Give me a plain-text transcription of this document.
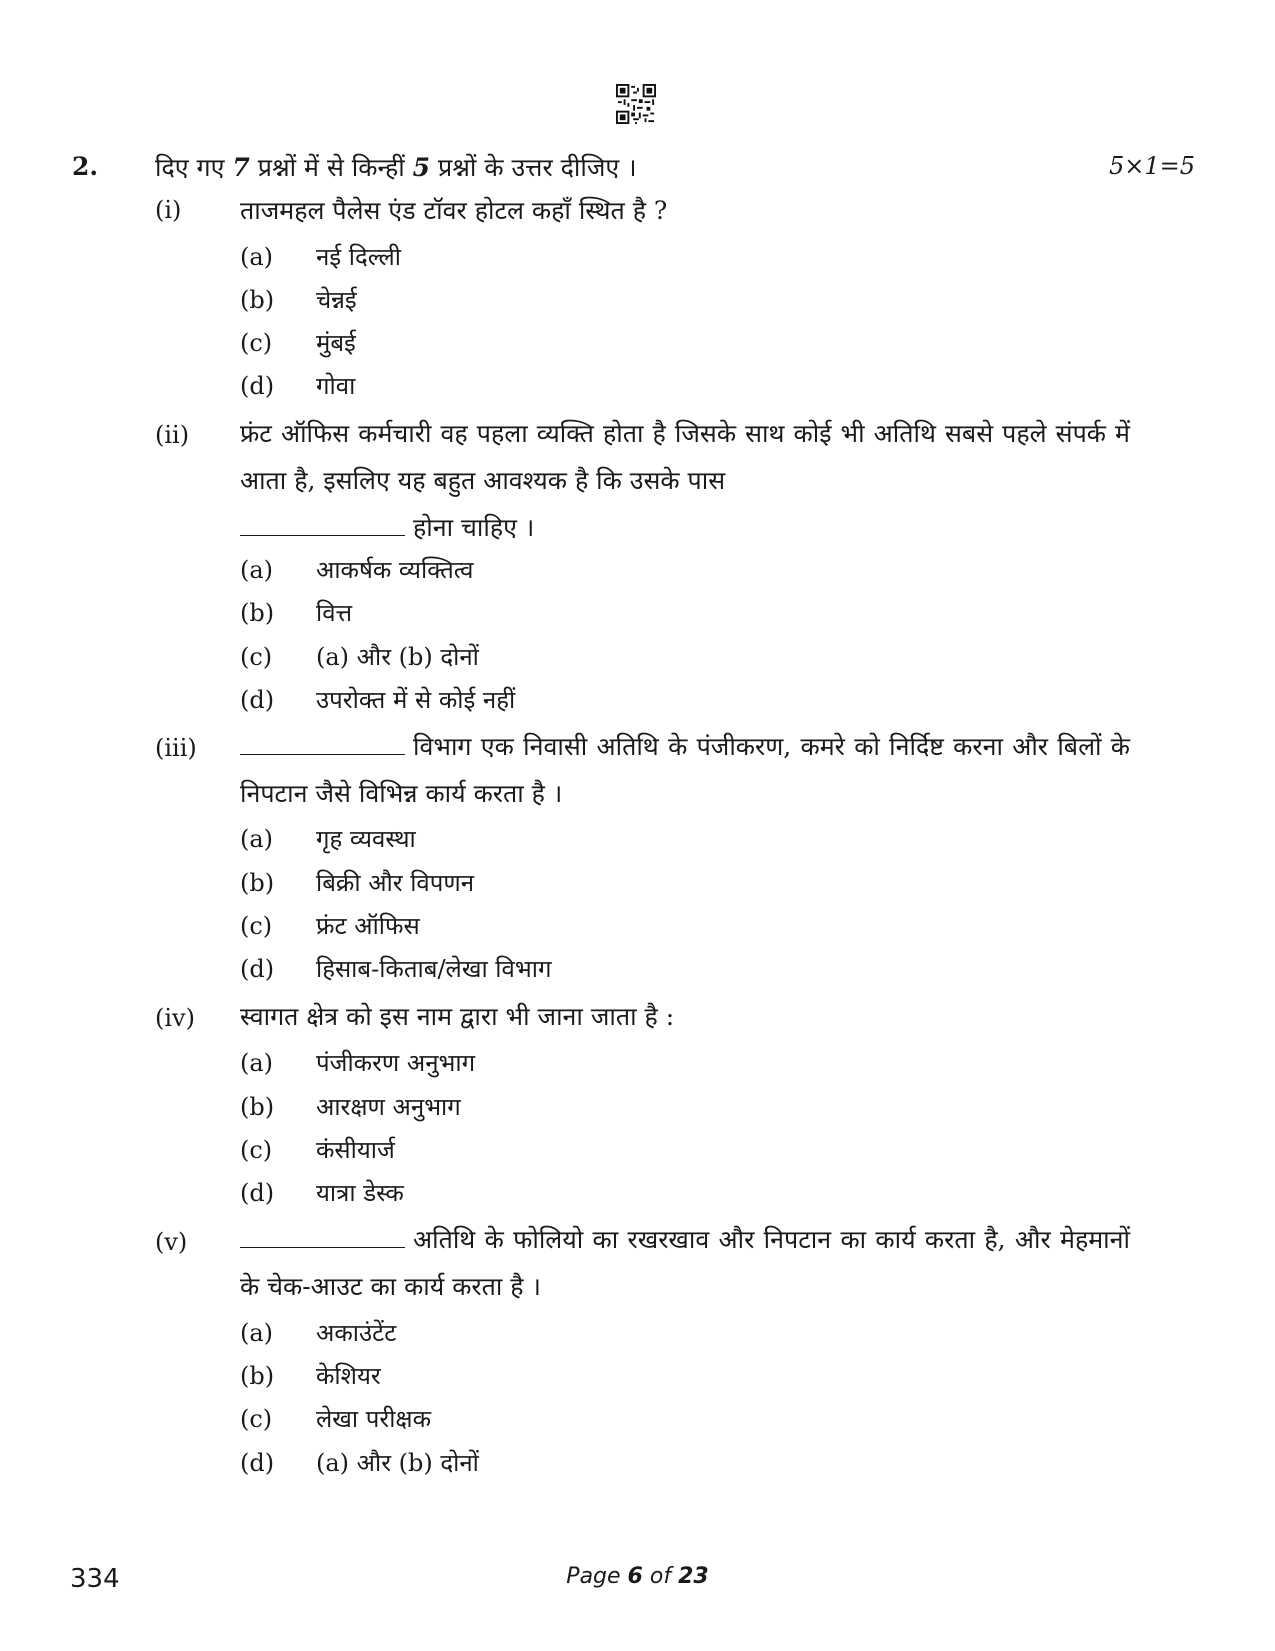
2. दिए गए 7 प्रश्नों में से किन्हीं 5 प्रश्नों के उत्तर दीजिए ।	5×1=5
(i) ताजमहल पैलेस एंड टॉवर होटल कहाँ स्थित है ?
(a) नई दिल्ली
(b) चेन्नई
(c) मुंबई
(d) गोवा
(ii) फ्रंट ऑफिस कर्मचारी वह पहला व्यक्ति होता है जिसके साथ कोई भी अतिथि सबसे पहले संपर्क में आता है, इसलिए यह बहुत आवश्यक है कि उसके पास
होना चाहिए ।
(a) आकर्षक व्यक्तित्व
(b) वित्त
(c) (a) और (b) दोनों
(d) उपरोक्त में से कोई नहीं
(iii)	विभाग एक निवासी अतिथि के पंजीकरण, कमरे को निर्दिष्ट करना और बिलों के निपटान जैसे विभिन्न कार्य करता है ।
(a) गृह व्यवस्था
(b) बिक्री और विपणन
(c) फ्रंट ऑफिस
(d) हिसाब-किताब/लेखा विभाग
(iv) स्वागत क्षेत्र को इस नाम द्वारा भी जाना जाता है :
(a) पंजीकरण अनुभाग
(b) आरक्षण अनुभाग
(c) कंसीयार्ज
(d) यात्रा डेस्क
(v)	अतिथि के फोलियो का रखरखाव और निपटान का कार्य करता है, और मेहमानों के चेक-आउट का कार्य करता है ।
(a) अकाउंटेंट
(b) केशियर
(c) लेखा परीक्षक
(d) (a) और (b) दोनों
334	Page 6 of 23
